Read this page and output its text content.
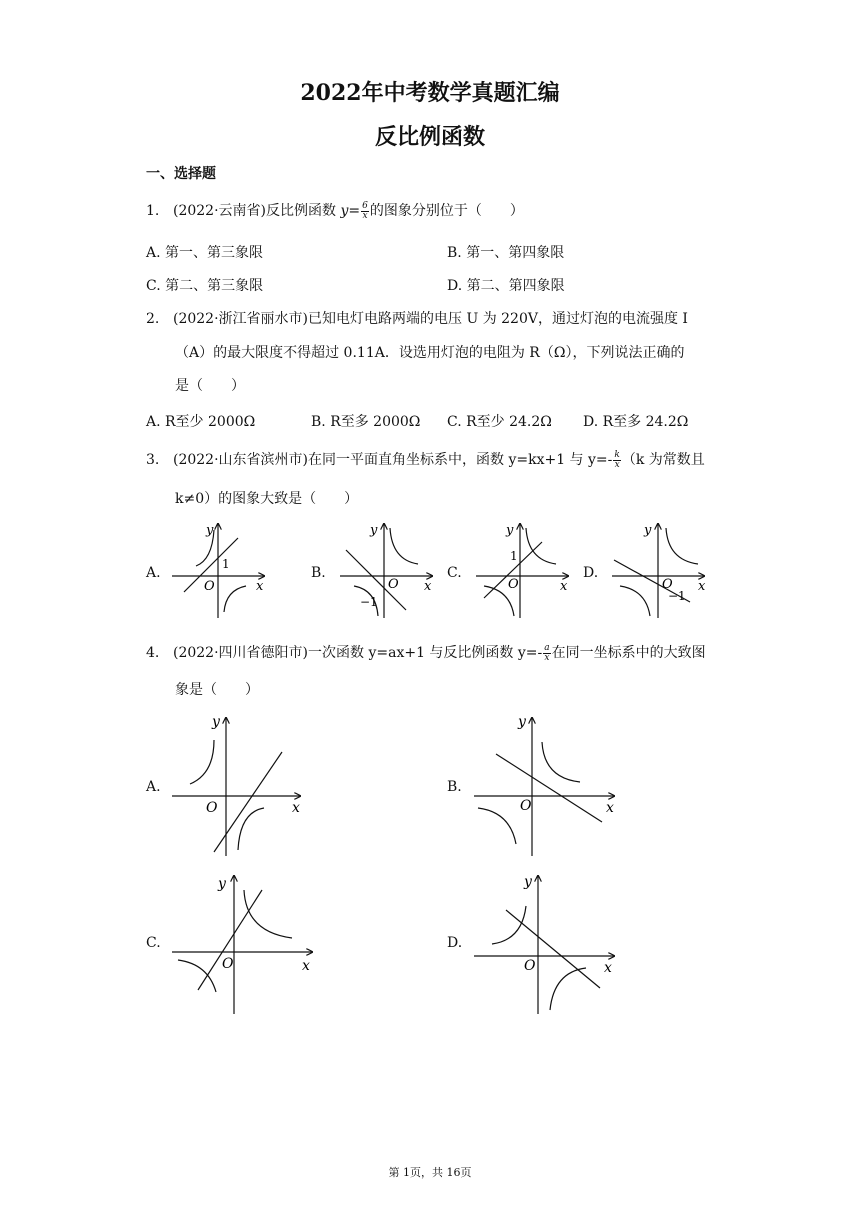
2022年中考数学真题汇编
反比例函数
一、选择题
1. (2022·云南省)反比例函数 $y= \frac{6}{x}$ 的图象分别位于（　　）
A. 第一、第三象限	B. 第一、第四象限
C. 第二、第三象限	D. 第二、第四象限
2. (2022·浙江省丽水市)已知电灯电路两端的电压 U 为 220V，通过灯泡的电流强度 I
（A）的最大限度不得超过 0.11A．设选用灯泡的电阻为 R（Ω），下列说法正确的
是（　　）
A. R至少 2000Ω	B. R至多 2000Ω C. R至少 24.2Ω D. R至多 24.2Ω
3. (2022·山东省滨州市)在同一平面直角坐标系中，函数 y=kx+1 与 $y=- \frac{k}{x} (k$ 为常数且
k≠0）的图象大致是（　　）
A.	B.	C.	D.
y
x
O
1
y
x
O
−1
y
x
O
1
y
x
O
−1
4. (2022·四川省德阳市)一次函数 y=ax+1 与反比例函数 $y=- \frac{a}{x}$ 在同一坐标系中的大致图
象是（　　）
A.	B.
C.	D.
y
x
O
y
x
O
y
x
O
y
x
O
第 1页，共 16页
